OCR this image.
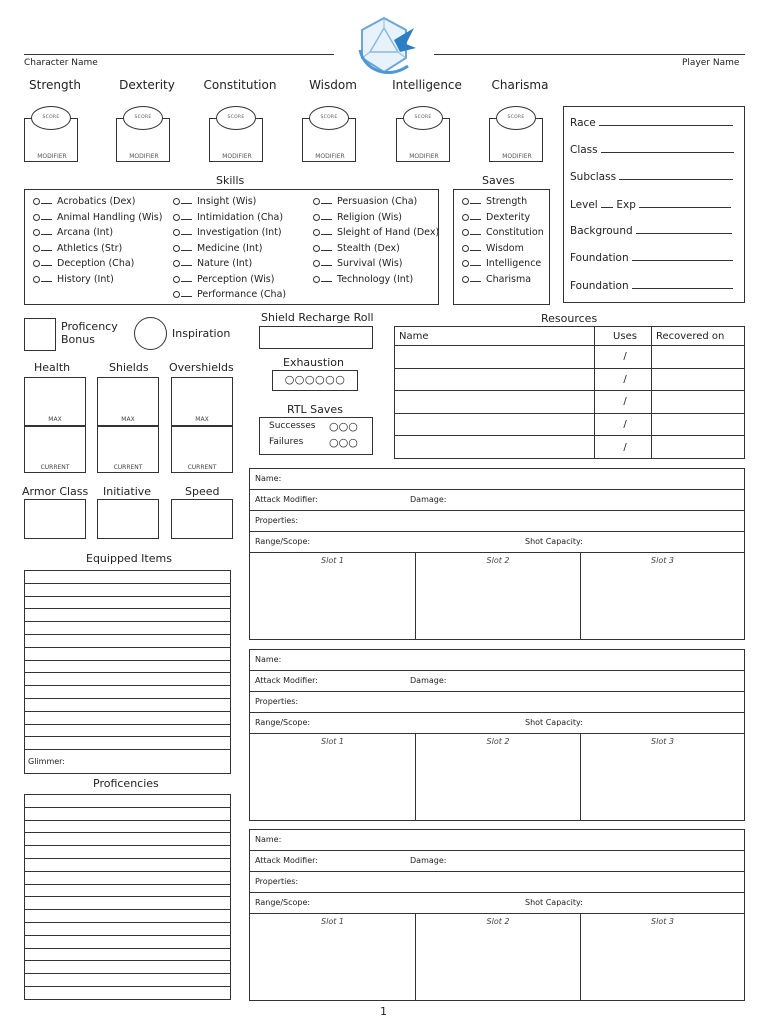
Character Name	Player Name
Strength
MODIFIER
SCORE
Dexterity
MODIFIER
SCORE
Constitution
MODIFIER
SCORE
Wisdom
MODIFIER
SCORE
Intelligence
MODIFIER
SCORE
Charisma
MODIFIER
SCORE	Race
Class
Subclass
Level Exp
Background
Foundation
Foundation
Skills
Acrobatics (Dex)
Animal Handling (Wis)
Arcana (Int)
Athletics (Str)
Deception (Cha)
History (Int)
Insight (Wis)
Intimidation (Cha)
Investigation (Int)
Medicine (Int)
Nature (Int)
Perception (Wis)
Performance (Cha)
Persuasion (Cha)
Religion (Wis)
Sleight of Hand (Dex)
Stealth (Dex)
Survival (Wis)
Technology (Int)
Saves
Strength
Dexterity
Constitution
Wisdom
Intelligence
Charisma
Proficency
Bonus	Inspiration
Shield Recharge Roll
Exhaustion
○○○○○○
RTL Saves
Successes ○○○
Failures ○○○
Health	Shields Overshields
MAX
CURRENT
MAX
CURRENT
MAX
CURRENT
Armor Class Initiative	Speed
Equipped Items
Glimmer:
Proficencies
Resources
Name	Uses	Recovered on
	/	
	/	
	/	
	/	
	/	
Name:
Attack Modifier:	Damage:
Properties:
Range/Scope:	Shot Capacity:
Slot 1	Slot 2	Slot 3
Name:
Attack Modifier:	Damage:
Properties:
Range/Scope:	Shot Capacity:
Slot 1	Slot 2	Slot 3
Name:
Attack Modifier:	Damage:
Properties:
Range/Scope:	Shot Capacity:
Slot 1	Slot 2	Slot 3
1
